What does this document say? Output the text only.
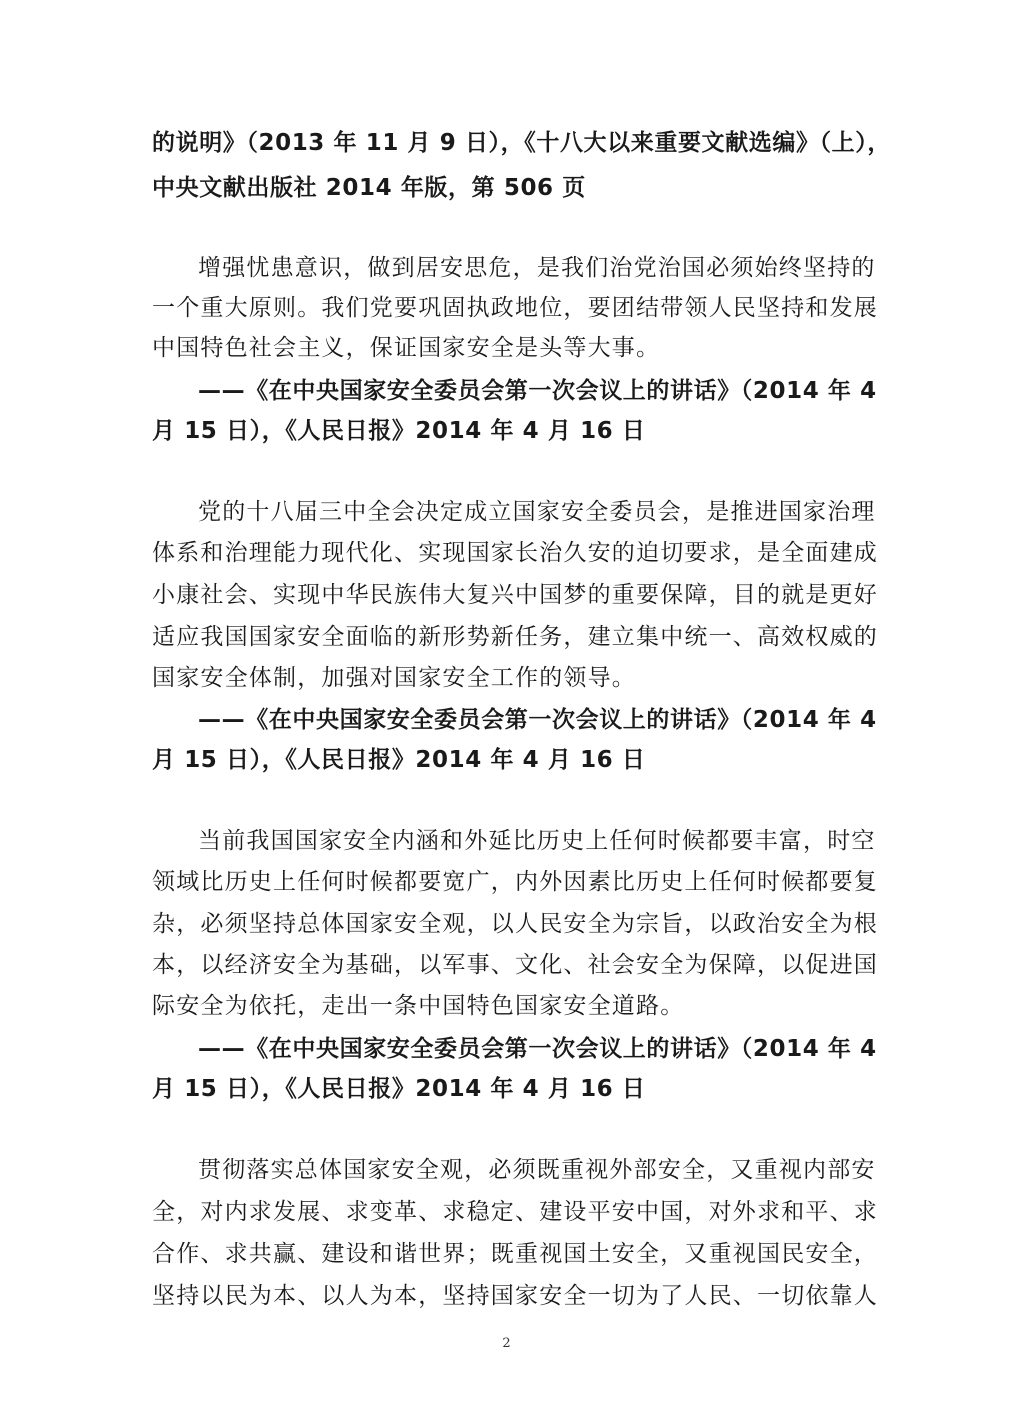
的说明》（2013 年 11 月 9 日），《十八大以来重要文献选编》（上），
中央文献出版社 2014 年版，第 506 页
增强忧患意识，做到居安思危，是我们治党治国必须始终坚持的
一个重大原则。我们党要巩固执政地位，要团结带领人民坚持和发展
中国特色社会主义，保证国家安全是头等大事。
——《在中央国家安全委员会第一次会议上的讲话》（2014 年 4
月 15 日），《人民日报》2014 年 4 月 16 日
党的十八届三中全会决定成立国家安全委员会，是推进国家治理
体系和治理能力现代化、实现国家长治久安的迫切要求，是全面建成
小康社会、实现中华民族伟大复兴中国梦的重要保障，目的就是更好
适应我国国家安全面临的新形势新任务，建立集中统一、高效权威的
国家安全体制，加强对国家安全工作的领导。
——《在中央国家安全委员会第一次会议上的讲话》（2014 年 4
月 15 日），《人民日报》2014 年 4 月 16 日
当前我国国家安全内涵和外延比历史上任何时候都要丰富，时空
领域比历史上任何时候都要宽广，内外因素比历史上任何时候都要复
杂，必须坚持总体国家安全观，以人民安全为宗旨，以政治安全为根
本，以经济安全为基础，以军事、文化、社会安全为保障，以促进国
际安全为依托，走出一条中国特色国家安全道路。
——《在中央国家安全委员会第一次会议上的讲话》（2014 年 4
月 15 日），《人民日报》2014 年 4 月 16 日
贯彻落实总体国家安全观，必须既重视外部安全，又重视内部安
全，对内求发展、求变革、求稳定、建设平安中国，对外求和平、求
合作、求共赢、建设和谐世界；既重视国土安全，又重视国民安全，
坚持以民为本、以人为本，坚持国家安全一切为了人民、一切依靠人
2
